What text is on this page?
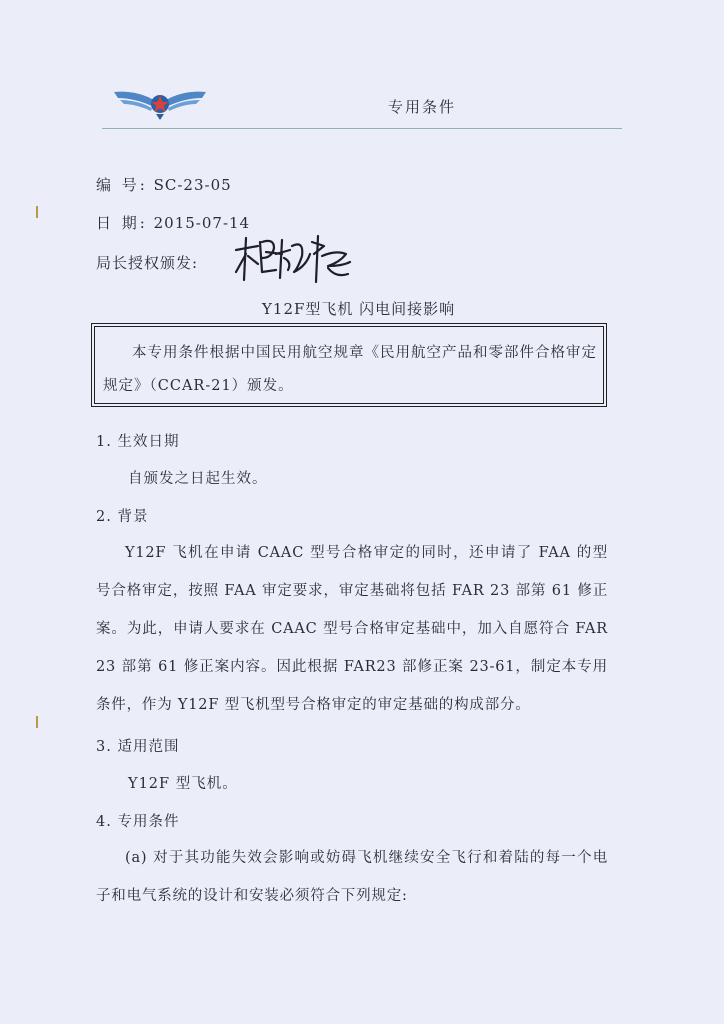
专用条件
编 号: SC-23-05
日 期: 2015-07-14
局长授权颁发:
Y12F型飞机 闪电间接影响

本专用条件根据中国民用航空规章《民用航空产品和零部件合格审定规定》（CCAR-21）颁发。

1. 生效日期
自颁发之日起生效。
2. 背景

Y12F 飞机在申请 CAAC 型号合格审定的同时，还申请了 FAA 的型号合格审定，按照 FAA 审定要求，审定基础将包括 FAR 23 部第 61 修正案。为此，申请人要求在 CAAC 型号合格审定基础中，加入自愿符合 FAR 23 部第 61 修正案内容。因此根据 FAR23 部修正案 23-61，制定本专用条件，作为 Y12F 型飞机型号合格审定的审定基础的构成部分。

3. 适用范围
Y12F 型飞机。
4. 专用条件

(a) 对于其功能失效会影响或妨碍飞机继续安全飞行和着陆的每一个电子和电气系统的设计和安装必须符合下列规定:
